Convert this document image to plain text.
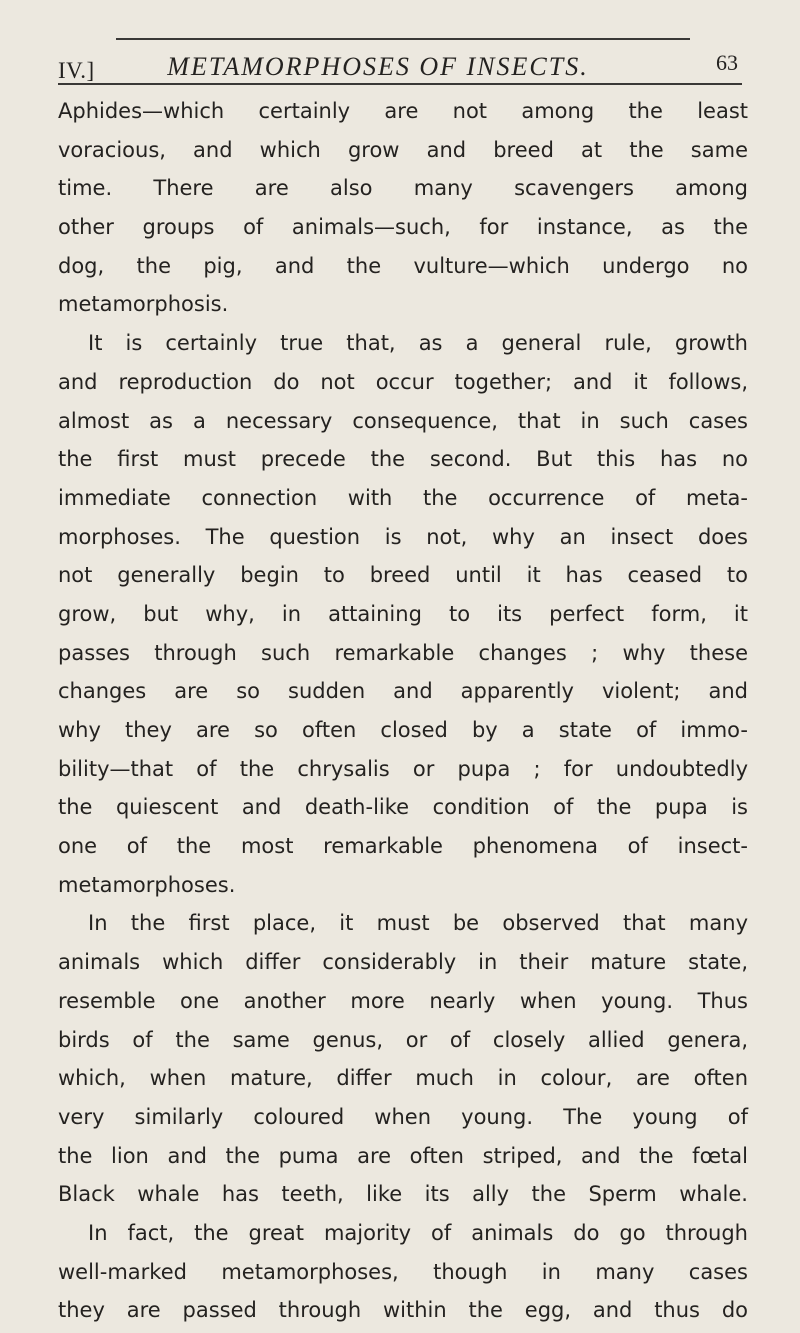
IV.]	METAMORPHOSES OF INSECTS.	63
Aphides—which certainly are not among the least
voracious, and which grow and breed at the same
time. There are also many scavengers among
other groups of animals—such, for instance, as the
dog, the pig, and the vulture—which undergo no
metamorphosis.
It is certainly true that, as a general rule, growth
and reproduction do not occur together; and it follows,
almost as a necessary consequence, that in such cases
the first must precede the second. But this has no
immediate connection with the occurrence of meta-
morphoses. The question is not, why an insect does
not generally begin to breed until it has ceased to
grow, but why, in attaining to its perfect form, it
passes through such remarkable changes ; why these
changes are so sudden and apparently violent; and
why they are so often closed by a state of immo-
bility—that of the chrysalis or pupa ; for undoubtedly
the quiescent and death-like condition of the pupa is
one of the most remarkable phenomena of insect-
metamorphoses.
In the first place, it must be observed that many
animals which differ considerably in their mature state,
resemble one another more nearly when young. Thus
birds of the same genus, or of closely allied genera,
which, when mature, differ much in colour, are often
very similarly coloured when young. The young of
the lion and the puma are often striped, and the fœtal
Black whale has teeth, like its ally the Sperm whale.
In fact, the great majority of animals do go through
well-marked metamorphoses, though in many cases
they are passed through within the egg, and thus do
